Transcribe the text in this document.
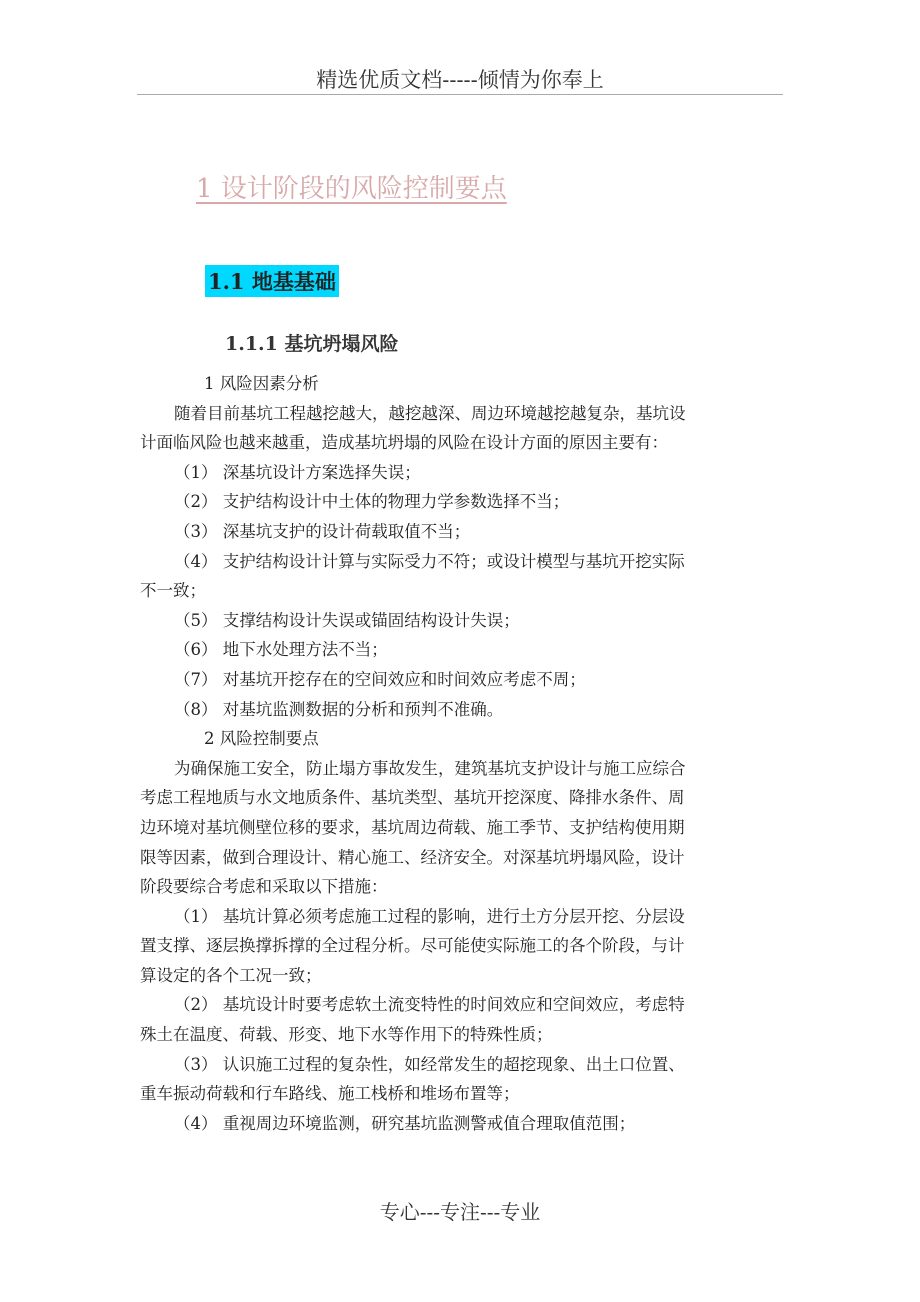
精选优质文档-----倾情为你奉上
1 设计阶段的风险控制要点
1.1 地基基础
1.1.1 基坑坍塌风险
1 风险因素分析
随着目前基坑工程越挖越大，越挖越深、周边环境越挖越复杂，基坑设
计面临风险也越来越重，造成基坑坍塌的风险在设计方面的原因主要有：
（1） 深基坑设计方案选择失误；
（2） 支护结构设计中土体的物理力学参数选择不当；
（3） 深基坑支护的设计荷载取值不当；
（4） 支护结构设计计算与实际受力不符；或设计模型与基坑开挖实际
不一致；
（5） 支撑结构设计失误或锚固结构设计失误；
（6） 地下水处理方法不当；
（7） 对基坑开挖存在的空间效应和时间效应考虑不周；
（8） 对基坑监测数据的分析和预判不准确。
2 风险控制要点
为确保施工安全，防止塌方事故发生，建筑基坑支护设计与施工应综合
考虑工程地质与水文地质条件、基坑类型、基坑开挖深度、降排水条件、周
边环境对基坑侧壁位移的要求，基坑周边荷载、施工季节、支护结构使用期
限等因素，做到合理设计、精心施工、经济安全。对深基坑坍塌风险，设计
阶段要综合考虑和采取以下措施：
（1） 基坑计算必须考虑施工过程的影响，进行土方分层开挖、分层设
置支撑、逐层换撑拆撑的全过程分析。尽可能使实际施工的各个阶段，与计
算设定的各个工况一致；
（2） 基坑设计时要考虑软土流变特性的时间效应和空间效应，考虑特
殊土在温度、荷载、形变、地下水等作用下的特殊性质；
（3） 认识施工过程的复杂性，如经常发生的超挖现象、出土口位置、
重车振动荷载和行车路线、施工栈桥和堆场布置等；
（4） 重视周边环境监测，研究基坑监测警戒值合理取值范围；
专心---专注---专业
